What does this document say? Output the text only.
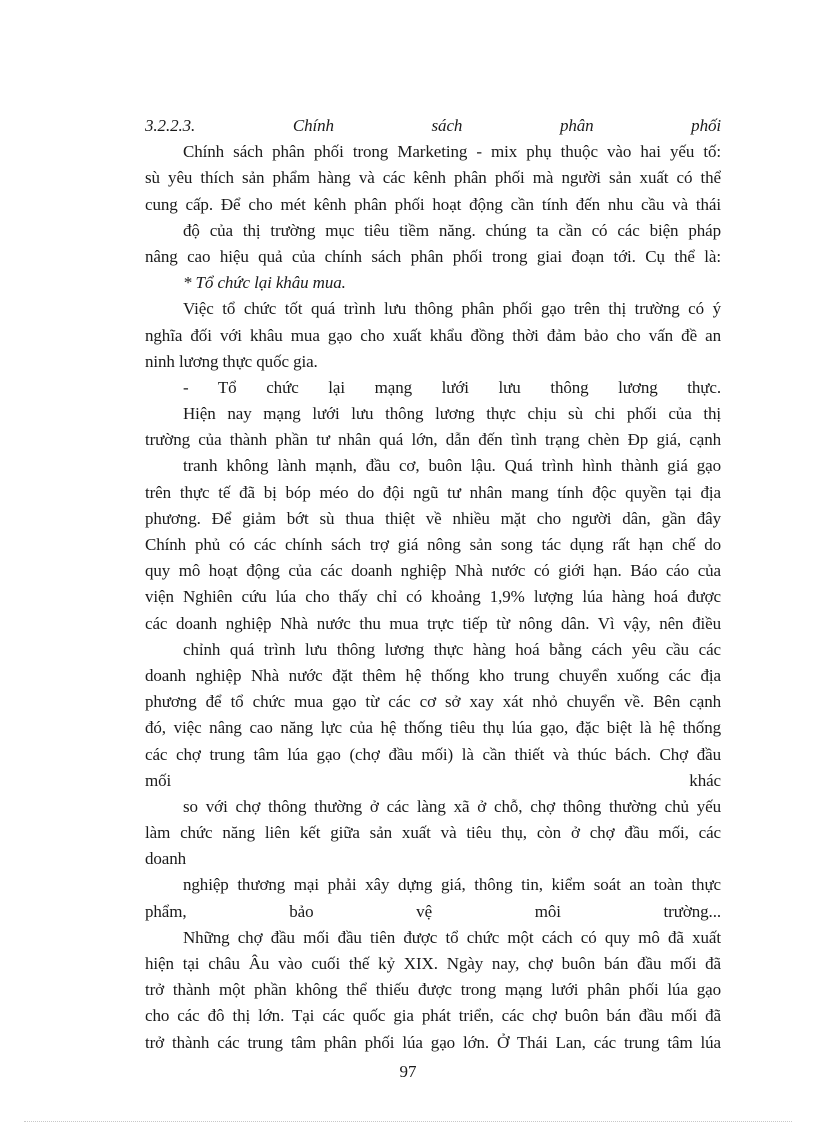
3.2.2.3. Chính sách phân phối
Chính sách phân phối trong Marketing - mix phụ thuộc vào hai yếu tố:
sù yêu thích sản phẩm hàng và các kênh phân phối mà người sản xuất có thể
cung cấp. Để cho mét kênh phân phối hoạt động cần tính đến nhu cầu và thái
độ của thị trường mục tiêu tiềm năng. chúng ta cần có các biện pháp
nâng cao hiệu quả của chính sách phân phối trong giai đoạn tới. Cụ thể là:
* Tổ chức lại khâu mua.
Việc tổ chức tốt quá trình lưu thông phân phối gạo trên thị trường có ý
nghĩa đối với khâu mua gạo cho xuất khẩu đồng thời đảm bảo cho vấn đề an
ninh lương thực quốc gia.
- Tổ chức lại mạng lưới lưu thông lương thực.
Hiện nay mạng lưới lưu thông lương thực chịu sù chi phối của thị
trường của thành phần tư nhân quá lớn, dẫn đến tình trạng chèn Ðp giá, cạnh
tranh không lành mạnh, đầu cơ, buôn lậu. Quá trình hình thành giá gạo
trên thực tế đã bị bóp méo do đội ngũ tư nhân mang tính độc quyền tại địa
phương. Để giảm bớt sù thua thiệt về nhiều mặt cho người dân, gần đây
Chính phủ có các chính sách trợ giá nông sản song tác dụng rất hạn chế do
quy mô hoạt động của các doanh nghiệp Nhà nước có giới hạn. Báo cáo của
viện Nghiên cứu lúa cho thấy chỉ có khoảng 1,9% lượng lúa hàng hoá được
các doanh nghiệp Nhà nước thu mua trực tiếp từ nông dân. Vì vậy, nên điều
chỉnh quá trình lưu thông lương thực hàng hoá bằng cách yêu cầu các
doanh nghiệp Nhà nước đặt thêm hệ thống kho trung chuyển xuống các địa
phương để tổ chức mua gạo từ các cơ sở xay xát nhỏ chuyển về. Bên cạnh
đó, việc nâng cao năng lực của hệ thống tiêu thụ lúa gạo, đặc biệt là hệ thống
các chợ trung tâm lúa gạo (chợ đầu mối) là cần thiết và thúc bách. Chợ đầu
mối khác
so với chợ thông thường ở các làng xã ở chỗ, chợ thông thường chủ yếu
làm chức năng liên kết giữa sản xuất và tiêu thụ, còn ở chợ đầu mối, các
doanh
nghiệp thương mại phải xây dựng giá, thông tin, kiểm soát an toàn thực
phẩm, bảo vệ môi trường...
Những chợ đầu mối đầu tiên được tổ chức một cách có quy mô đã xuất
hiện tại châu Âu vào cuối thế kỷ XIX. Ngày nay, chợ buôn bán đầu mối đã
trở thành một phần không thể thiếu được trong mạng lưới phân phối lúa gạo
cho các đô thị lớn. Tại các quốc gia phát triển, các chợ buôn bán đầu mối đã
trở thành các trung tâm phân phối lúa gạo lớn. Ở Thái Lan, các trung tâm lúa
97
